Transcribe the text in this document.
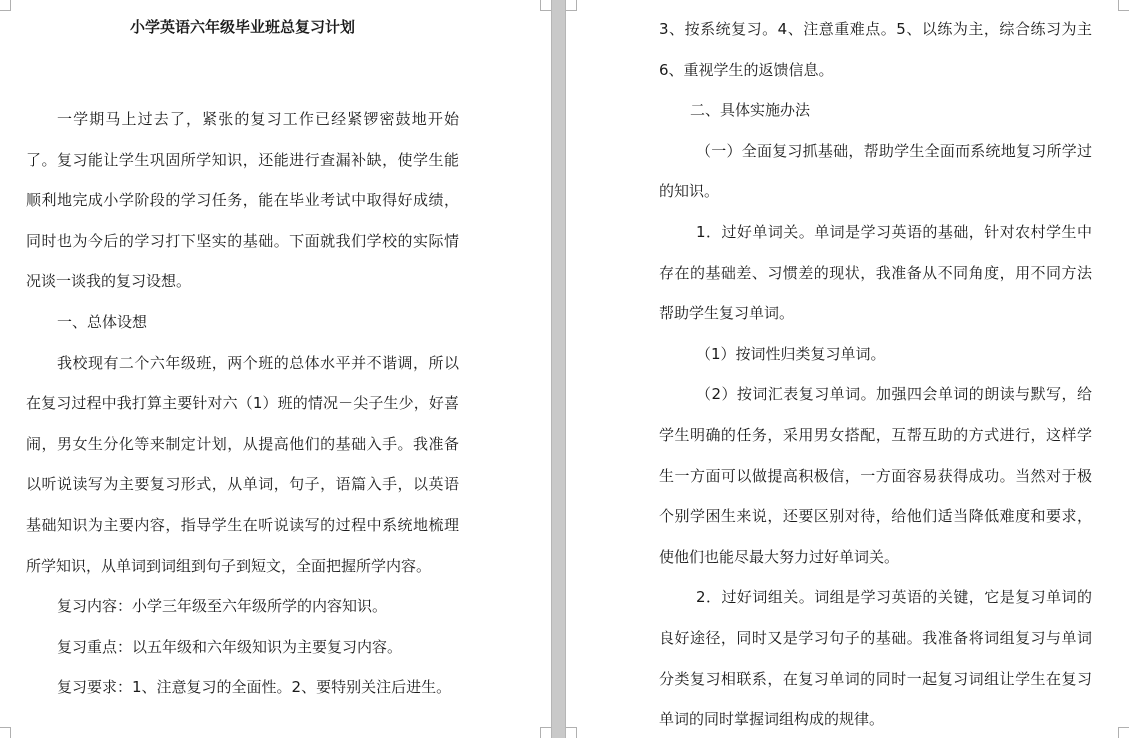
小学英语六年级毕业班总复习计划

一学期马上过去了，紧张的复习工作已经紧锣密鼓地开始了。复习能让学生巩固所学知识，还能进行查漏补缺，使学生能顺利地完成小学阶段的学习任务，能在毕业考试中取得好成绩，同时也为今后的学习打下坚实的基础。下面就我们学校的实际情况谈一谈我的复习设想。

一、总体设想

我校现有二个六年级班，两个班的总体水平并不谐调，所以在复习过程中我打算主要针对六（1）班的情况－尖子生少，好喜闹，男女生分化等来制定计划，从提高他们的基础入手。我准备以听说读写为主要复习形式，从单词，句子，语篇入手，以英语基础知识为主要内容，指导学生在听说读写的过程中系统地梳理所学知识，从单词到词组到句子到短文，全面把握所学内容。

复习内容：小学三年级至六年级所学的内容知识。

复习重点：以五年级和六年级知识为主要复习内容。

复习要求：1、注意复习的全面性。2、要特别关注后进生。

3、按系统复习。4、注意重难点。5、以练为主，综合练习为主6、重视学生的返馈信息。

二、具体实施办法

（一）全面复习抓基础，帮助学生全面而系统地复习所学过的知识。

1．过好单词关。单词是学习英语的基础，针对农村学生中存在的基础差、习惯差的现状，我准备从不同角度，用不同方法帮助学生复习单词。

（1）按词性归类复习单词。

（2）按词汇表复习单词。加强四会单词的朗读与默写，给学生明确的任务，采用男女搭配，互帮互助的方式进行，这样学生一方面可以做提高积极信，一方面容易获得成功。当然对于极个别学困生来说，还要区别对待，给他们适当降低难度和要求，使他们也能尽最大努力过好单词关。

2．过好词组关。词组是学习英语的关键，它是复习单词的良好途径，同时又是学习句子的基础。我准备将词组复习与单词分类复习相联系，在复习单词的同时一起复习词组让学生在复习单词的同时掌握词组构成的规律。
